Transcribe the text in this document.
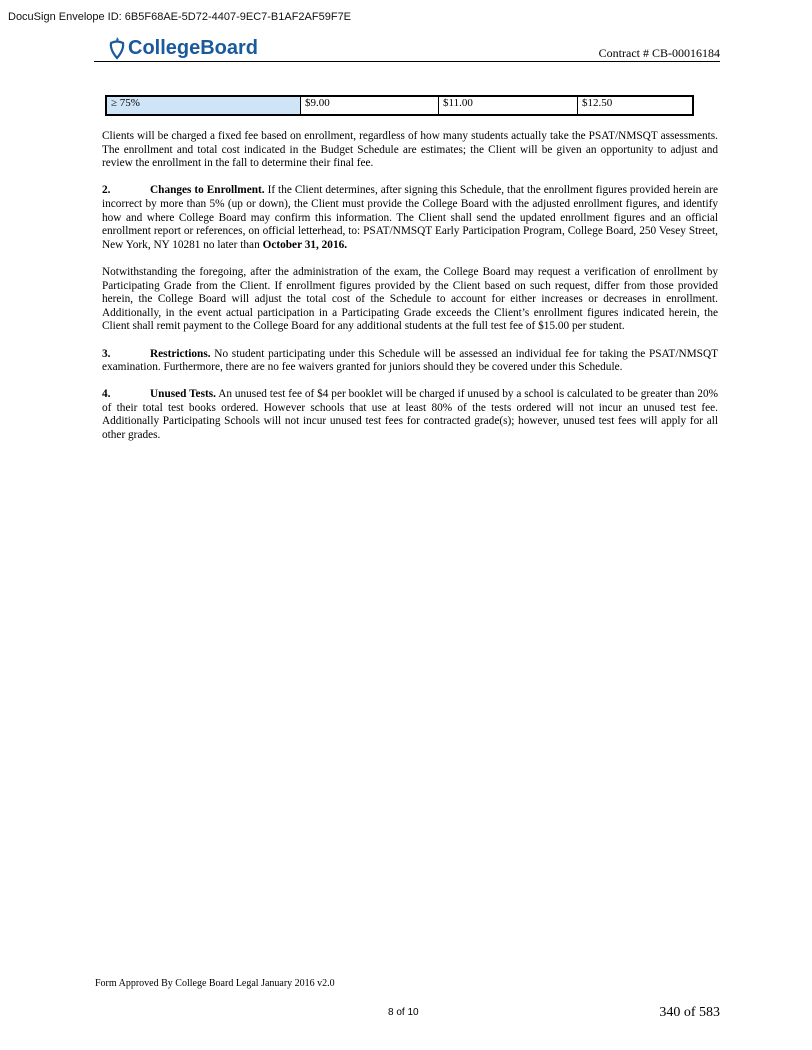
DocuSign Envelope ID: 6B5F68AE-5D72-4407-9EC7-B1AF2AF59F7E
CollegeBoard	Contract # CB-00016184
≥ 75%	$9.00	$11.00	$12.50

Clients will be charged a fixed fee based on enrollment, regardless of how many students actually take the PSAT/NMSQT assessments. The enrollment and total cost indicated in the Budget Schedule are estimates; the Client will be given an opportunity to adjust and review the enrollment in the fall to determine their final fee.

2.	Changes to Enrollment. If the Client determines, after signing this Schedule, that the enrollment figures provided herein are incorrect by more than 5% (up or down), the Client must provide the College Board with the adjusted enrollment figures, and identify how and where College Board may confirm this information. The Client shall send the updated enrollment figures and an official enrollment report or references, on official letterhead, to: PSAT/NMSQT Early Participation Program, College Board, 250 Vesey Street, New York, NY 10281 no later than October 31, 2016.

Notwithstanding the foregoing, after the administration of the exam, the College Board may request a verification of enrollment by Participating Grade from the Client. If enrollment figures provided by the Client based on such request, differ from those provided herein, the College Board will adjust the total cost of the Schedule to account for either increases or decreases in enrollment. Additionally, in the event actual participation in a Participating Grade exceeds the Client’s enrollment figures indicated herein, the Client shall remit payment to the College Board for any additional students at the full test fee of $15.00 per student.

3.	Restrictions. No student participating under this Schedule will be assessed an individual fee for taking the PSAT/NMSQT examination. Furthermore, there are no fee waivers granted for juniors should they be covered under this Schedule.

4.	Unused Tests. An unused test fee of $4 per booklet will be charged if unused by a school is calculated to be greater than 20% of their total test books ordered. However schools that use at least 80% of the tests ordered will not incur an unused test fee. Additionally Participating Schools will not incur unused test fees for contracted grade(s); however, unused test fees will apply for all other grades.

Form Approved By College Board Legal January 2016 v2.0
8 of 10	340 of 583
